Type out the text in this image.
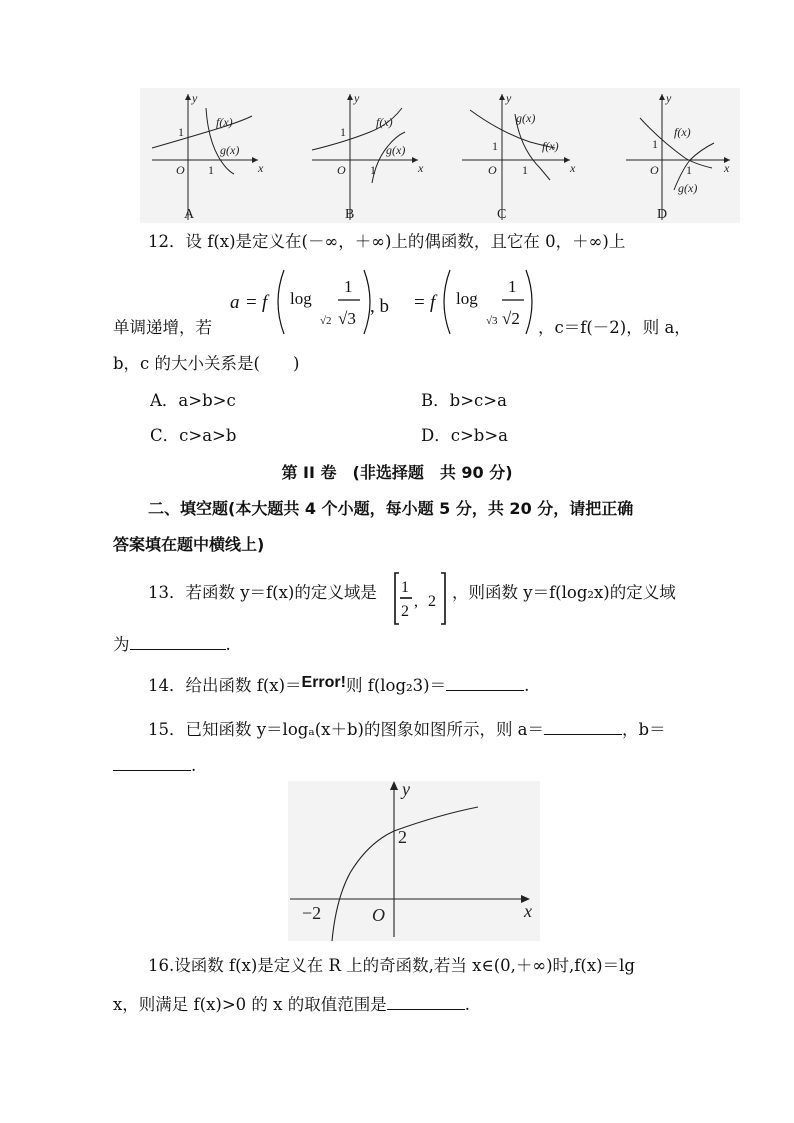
y
x
f(x)
g(x)
1
1
O
A
y
x
f(x)
g(x)
1
1
O
B
y
x
g(x)
f(x)
1
1
O
C
y
x
f(x)
g(x)
1
1
O
D
12．设 f(x)是定义在(－∞，＋∞)上的偶函数，且它在 0，＋∞)上
a = f log
√2
1
√3
, b = f log
√3
1
√2
单调递增，若	，c＝f(－2)，则 a，
b，c 的大小关系是(　　)
A．a>b>c	B．b>c>a
C．c>a>b	D．c>b>a
第 II 卷　(非选择题　共 90 分)
二、填空题(本大题共 4 个小题，每小题 5 分，共 20 分，请把正确
答案填在题中横线上)
13．若函数 y＝f(x)的定义域是 1
2
, 2 ，则函数 y＝f(log₂x)的定义域
为	.
14．给出函数 f(x)＝Error!则 f(log₂3)＝	.
15．已知函数 y＝logₐ(x＋b)的图象如图所示，则 a＝	，b＝
.
y
x
2
−2	O
16.设函数 f(x)是定义在 R 上的奇函数,若当 x∈(0,＋∞)时,f(x)＝lg
x，则满足 f(x)>0 的 x 的取值范围是	.
